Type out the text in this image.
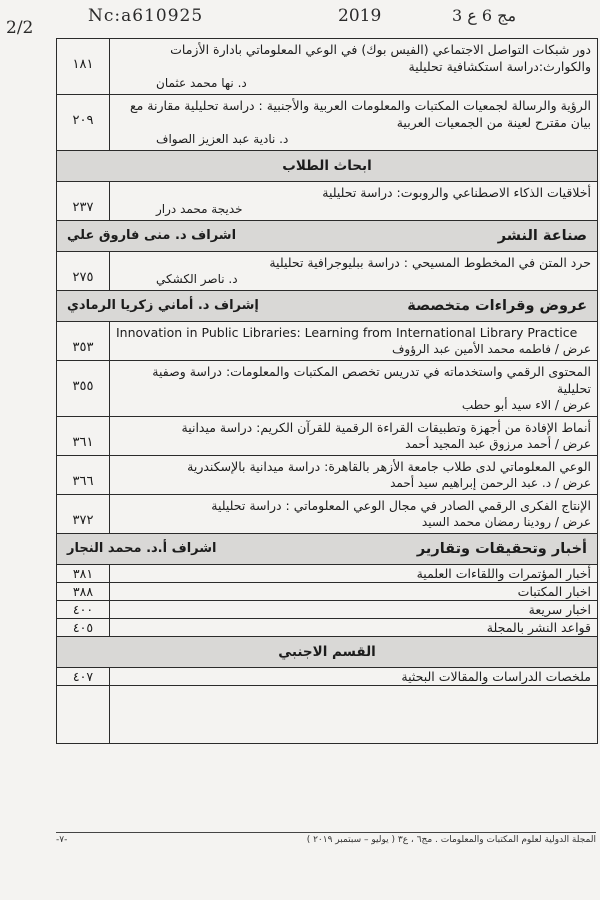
2/2
Nc:a610925	2019	مج 6 ع 3
دور شبكات التواصل الاجتماعي (الفيس بوك) في الوعي المعلوماتي بادارة الأزمات والكوارث:دراسة استكشافية تحليلية
د. نها محمد عثمان	١٨١

الرؤية والرسالة لجمعيات المكتبات والمعلومات العربية والأجنبية : دراسة تحليلية مقارنة مع بيان مقترح لعينة من الجمعيات العربية
د. نادية عبد العزيز الصواف	٢٠٩

ابحاث الطلاب	

أخلاقيات الذكاء الاصطناعي والروبوت: دراسة تحليلية
خديجة محمد درار	٢٣٧

صناعة النشر
اشراف د. منى فاروق علي	

حرد المتن في المخطوط المسيحي : دراسة ببليوجرافية تحليلية
د. ناصر الكشكي	٢٧٥

عروض وقراءات متخصصة
إشراف د. أماني زكريا الرمادي	

Innovation in Public Libraries: Learning from International Library Practice
عرض / فاطمه محمد الأمين عبد الرؤوف	٣٥٣

المحتوى الرقمي واستخدماته في تدريس تخصص المكتبات والمعلومات: دراسة وصفية تحليلية
عرض / الاء سيد أبو حطب	٣٥٥

أنماط الإفادة من أجهزة وتطبيقات القراءة الرقمية للقرآن الكريم: دراسة ميدانية
عرض / أحمد مرزوق عبد المجيد أحمد	٣٦١

الوعي المعلوماتي لدى طلاب جامعة الأزهر بالقاهرة: دراسة ميدانية بالإسكندرية
عرض / د. عبد الرحمن إبراهيم سيد أحمد	٣٦٦

الإنتاج الفكرى الرقمي الصادر في مجال الوعي المعلوماتي : دراسة تحليلية
عرض / رودينا رمضان محمد السيد	٣٧٢

أخبار وتحقيقات وتقارير
اشراف أ.د. محمد النجار	

أخبار المؤتمرات واللقاءات العلمية	٣٨١
اخبار المكتبات	٣٨٨
اخبار سريعة	٤٠٠
قواعد النشر بالمجلة	٤٠٥

القسم الاجنبي	

ملخصات الدراسات والمقالات البحثية	٤٠٧

-٧-	المجلة الدولية لعلوم المكتبات والمعلومات . مج٦ ، ع٣ ( يوليو – سبتمبر ٢٠١٩ )
